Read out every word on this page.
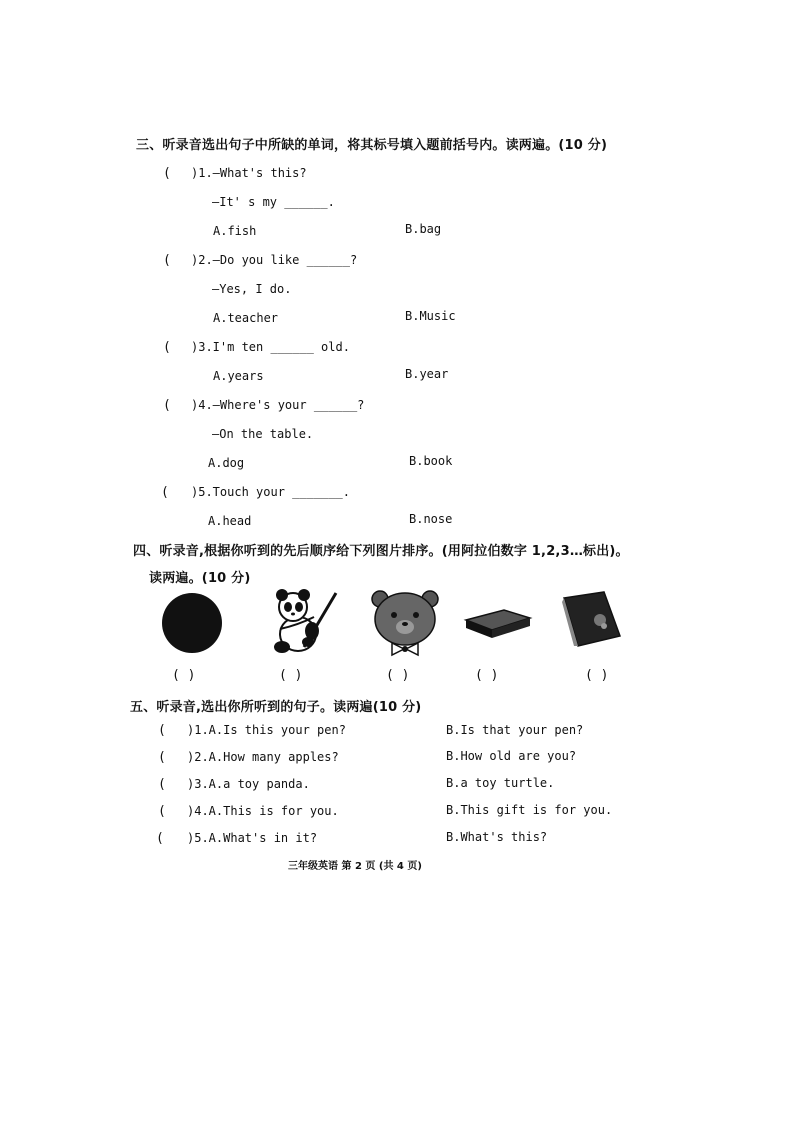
三、听录音选出句子中所缺的单词，将其标号填入题前括号内。读两遍。(10 分)
( )1.—What's this?
—It' s my ______.
A.fish	B.bag
( )2.—Do you like ______?
—Yes, I do.
A.teacher	B.Music
( )3.I'm ten ______ old.
A.years	B.year
( )4.—Where's your ______?
—On the table.
A.dog	B.book
( )5.Touch your _______.
A.head	B.nose
四、听录音,根据你听到的先后顺序给下列图片排序。(用阿拉伯数字 1,2,3…标出)。
读两遍。(10 分)
( )	( )	( )	( )	( )
五、听录音,选出你所听到的句子。读两遍(10 分)
( )1.A.Is this your pen?	B.Is that your pen?
( )2.A.How many apples?	B.How old are you?
( )3.A.a toy panda.	B.a toy turtle.
( )4.A.This is for you.	B.This gift is for you.
( )5.A.What's in it?	B.What's this?
三年级英语 第 2 页 (共 4 页)
